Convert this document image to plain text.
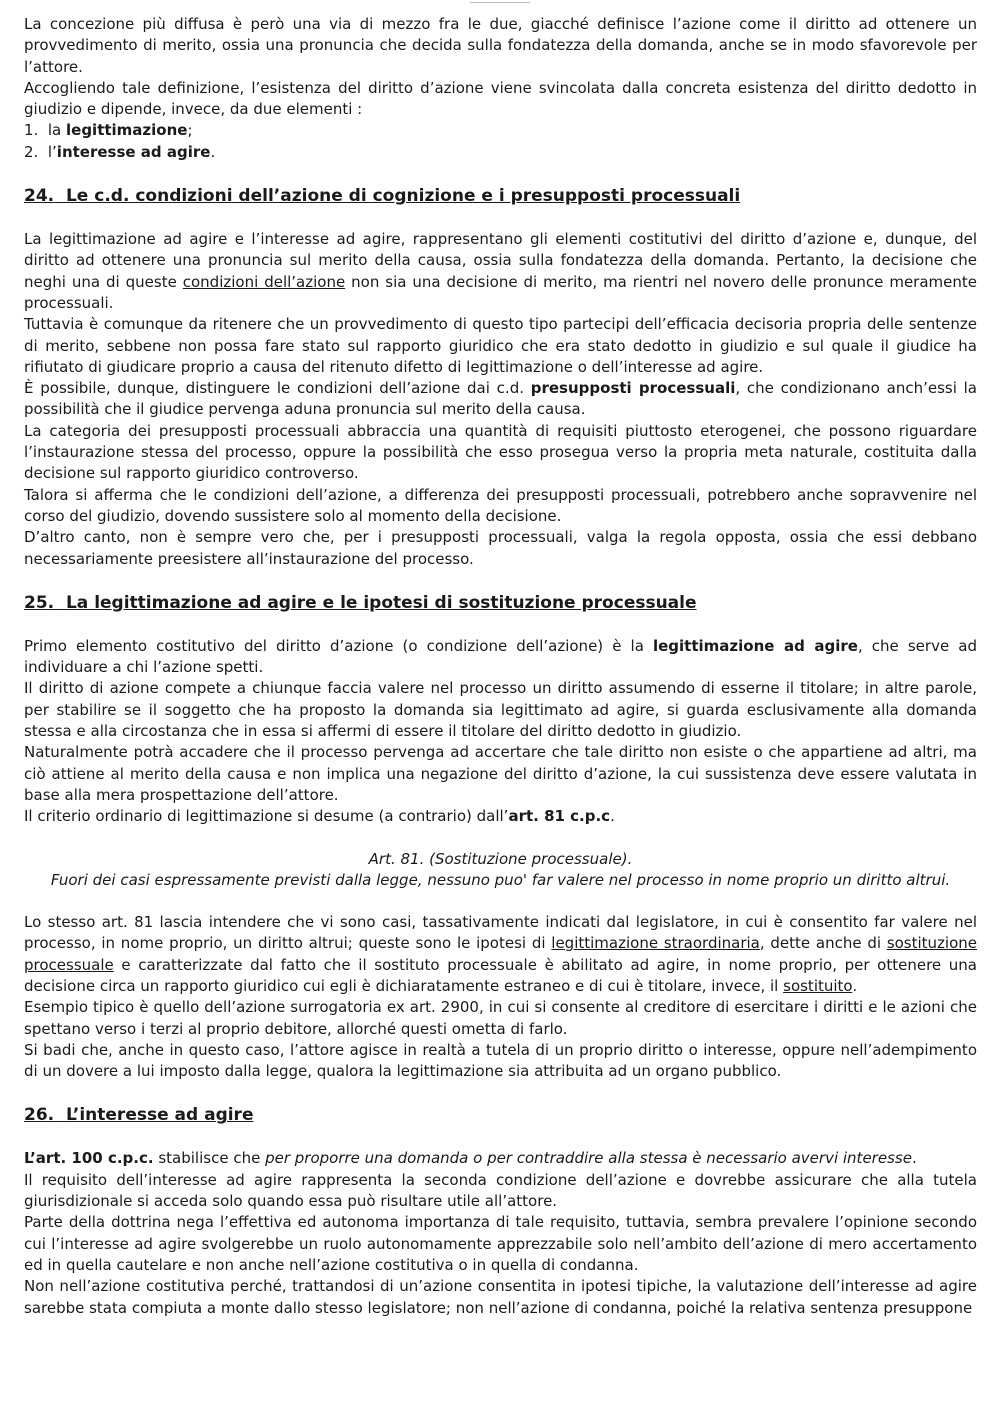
La concezione più diffusa è però una via di mezzo fra le due, giacché definisce l’azione come il diritto ad ottenere un provvedimento di merito, ossia una pronuncia che decida sulla fondatezza della domanda, anche se in modo sfavorevole per l’attore.

Accogliendo tale definizione, l’esistenza del diritto d’azione viene svincolata dalla concreta esistenza del diritto dedotto in giudizio e dipende, invece, da due elementi :

1. la legittimazione;
2. l’interesse ad agire.
24. Le c.d. condizioni dell’azione di cognizione e i presupposti processuali

La legittimazione ad agire e l’interesse ad agire, rappresentano gli elementi costitutivi del diritto d’azione e, dunque, del diritto ad ottenere una pronuncia sul merito della causa, ossia sulla fondatezza della domanda. Pertanto, la decisione che neghi una di queste condizioni dell’azione non sia una decisione di merito, ma rientri nel novero delle pronunce meramente processuali.

Tuttavia è comunque da ritenere che un provvedimento di questo tipo partecipi dell’efficacia decisoria propria delle sentenze di merito, sebbene non possa fare stato sul rapporto giuridico che era stato dedotto in giudizio e sul quale il giudice ha rifiutato di giudicare proprio a causa del ritenuto difetto di legittimazione o dell’interesse ad agire.

È possibile, dunque, distinguere le condizioni dell’azione dai c.d. presupposti processuali, che condizionano anch’essi la possibilità che il giudice pervenga aduna pronuncia sul merito della causa.

La categoria dei presupposti processuali abbraccia una quantità di requisiti piuttosto eterogenei, che possono riguardare l’instaurazione stessa del processo, oppure la possibilità che esso prosegua verso la propria meta naturale, costituita dalla decisione sul rapporto giuridico controverso.

Talora si afferma che le condizioni dell’azione, a differenza dei presupposti processuali, potrebbero anche sopravvenire nel corso del giudizio, dovendo sussistere solo al momento della decisione.

D’altro canto, non è sempre vero che, per i presupposti processuali, valga la regola opposta, ossia che essi debbano necessariamente preesistere all’instaurazione del processo.

25. La legittimazione ad agire e le ipotesi di sostituzione processuale

Primo elemento costitutivo del diritto d’azione (o condizione dell’azione) è la legittimazione ad agire, che serve ad individuare a chi l’azione spetti.

Il diritto di azione compete a chiunque faccia valere nel processo un diritto assumendo di esserne il titolare; in altre parole, per stabilire se il soggetto che ha proposto la domanda sia legittimato ad agire, si guarda esclusivamente alla domanda stessa e alla circostanza che in essa si affermi di essere il titolare del diritto dedotto in giudizio.

Naturalmente potrà accadere che il processo pervenga ad accertare che tale diritto non esiste o che appartiene ad altri, ma ciò attiene al merito della causa e non implica una negazione del diritto d’azione, la cui sussistenza deve essere valutata in base alla mera prospettazione dell’attore.

Il criterio ordinario di legittimazione si desume (a contrario) dall’art. 81 c.p.c.

Art. 81. (Sostituzione processuale).

Fuori dei casi espressamente previsti dalla legge, nessuno puo' far valere nel processo in nome proprio un diritto altrui.

Lo stesso art. 81 lascia intendere che vi sono casi, tassativamente indicati dal legislatore, in cui è consentito far valere nel processo, in nome proprio, un diritto altrui; queste sono le ipotesi di legittimazione straordinaria, dette anche di sostituzione processuale e caratterizzate dal fatto che il sostituto processuale è abilitato ad agire, in nome proprio, per ottenere una decisione circa un rapporto giuridico cui egli è dichiaratamente estraneo e di cui è titolare, invece, il sostituito.

Esempio tipico è quello dell’azione surrogatoria ex art. 2900, in cui si consente al creditore di esercitare i diritti e le azioni che spettano verso i terzi al proprio debitore, allorché questi ometta di farlo.

Si badi che, anche in questo caso, l’attore agisce in realtà a tutela di un proprio diritto o interesse, oppure nell’adempimento di un dovere a lui imposto dalla legge, qualora la legittimazione sia attribuita ad un organo pubblico.

26. L’interesse ad agire

L’art. 100 c.p.c. stabilisce che per proporre una domanda o per contraddire alla stessa è necessario avervi interesse.

Il requisito dell’interesse ad agire rappresenta la seconda condizione dell’azione e dovrebbe assicurare che alla tutela giurisdizionale si acceda solo quando essa può risultare utile all’attore.

Parte della dottrina nega l’effettiva ed autonoma importanza di tale requisito, tuttavia, sembra prevalere l’opinione secondo cui l’interesse ad agire svolgerebbe un ruolo autonomamente apprezzabile solo nell’ambito dell’azione di mero accertamento ed in quella cautelare e non anche nell’azione costitutiva o in quella di condanna.

Non nell’azione costitutiva perché, trattandosi di un’azione consentita in ipotesi tipiche, la valutazione dell’interesse ad agire sarebbe stata compiuta a monte dallo stesso legislatore; non nell’azione di condanna, poiché la relativa sentenza presuppone
